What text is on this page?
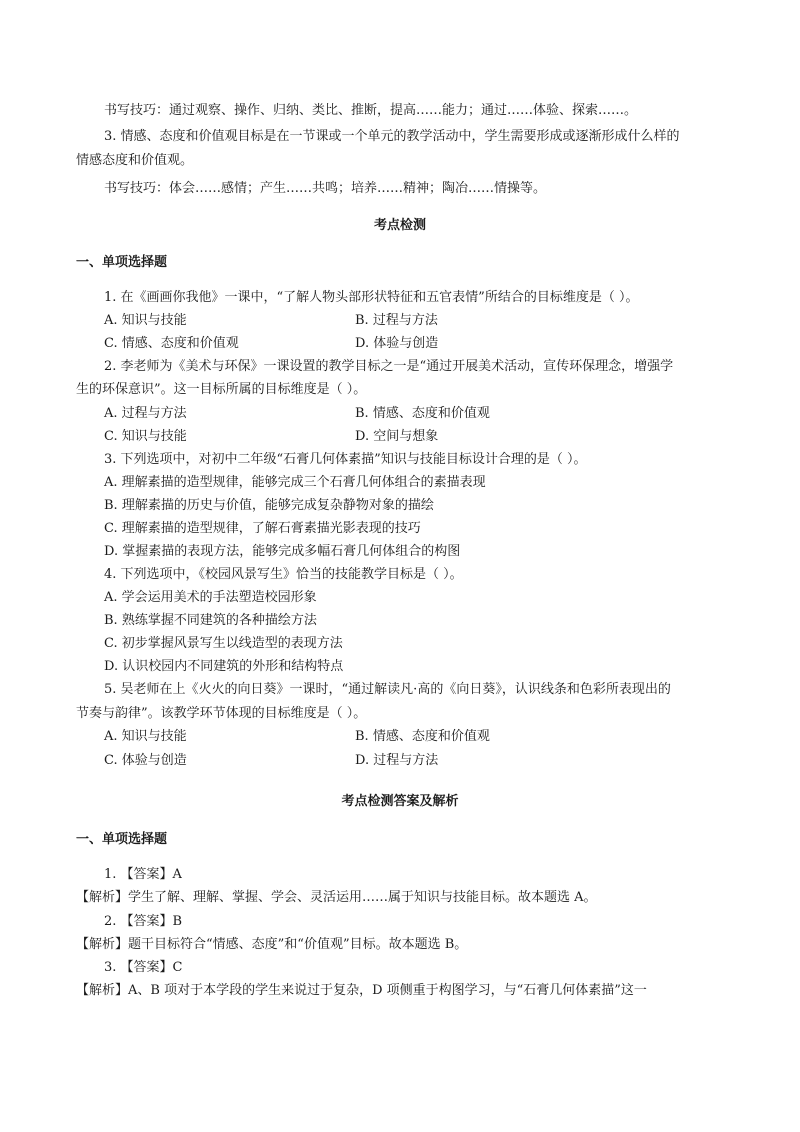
书写技巧：通过观察、操作、归纳、类比、推断，提高……能力；通过……体验、探索……。
3. 情感、态度和价值观目标是在一节课或一个单元的教学活动中，学生需要形成或逐渐形成什么样的
情感态度和价值观。
书写技巧：体会……感情；产生……共鸣；培养……精神；陶冶……情操等。
考点检测
一、单项选择题
1. 在《画画你我他》一课中，“了解人物头部形状特征和五官表情”所结合的目标维度是（ ）。
A. 知识与技能	B. 过程与方法
C. 情感、态度和价值观	D. 体验与创造
2. 李老师为《美术与环保》一课设置的教学目标之一是“通过开展美术活动，宣传环保理念，增强学
生的环保意识”。这一目标所属的目标维度是（ ）。
A. 过程与方法	B. 情感、态度和价值观
C. 知识与技能	D. 空间与想象
3. 下列选项中，对初中二年级“石膏几何体素描”知识与技能目标设计合理的是（ ）。
A. 理解素描的造型规律，能够完成三个石膏几何体组合的素描表现
B. 理解素描的历史与价值，能够完成复杂静物对象的描绘
C. 理解素描的造型规律，了解石膏素描光影表现的技巧
D. 掌握素描的表现方法，能够完成多幅石膏几何体组合的构图
4. 下列选项中，《校园风景写生》恰当的技能教学目标是（ ）。
A. 学会运用美术的手法塑造校园形象
B. 熟练掌握不同建筑的各种描绘方法
C. 初步掌握风景写生以线造型的表现方法
D. 认识校园内不同建筑的外形和结构特点
5. 吴老师在上《火火的向日葵》一课时，“通过解读凡·高的《向日葵》，认识线条和色彩所表现出的
节奏与韵律”。该教学环节体现的目标维度是（ ）。
A. 知识与技能	B. 情感、态度和价值观
C. 体验与创造	D. 过程与方法
考点检测答案及解析
一、单项选择题
1. 【答案】A
【解析】学生了解、理解、掌握、学会、灵活运用……属于知识与技能目标。故本题选 A。
2. 【答案】B
【解析】题干目标符合“情感、态度”和“价值观”目标。故本题选 B。
3. 【答案】C
【解析】A、B 项对于本学段的学生来说过于复杂，D 项侧重于构图学习，与“石膏几何体素描”这一
